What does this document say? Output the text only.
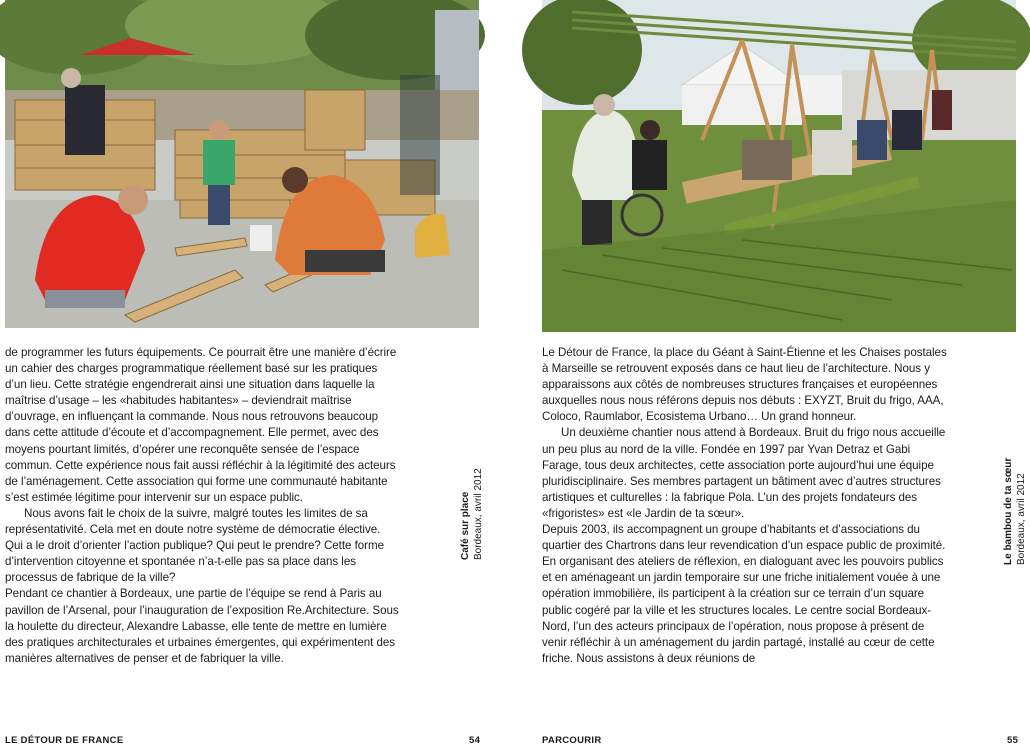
de programmer les futurs équipements. Ce pourrait être une manière d’écrire un cahier des charges programmatique réellement basé sur les pratiques d’un lieu. Cette stratégie engendrerait ainsi une situation dans laquelle la maîtrise d’usage – les «habitudes habitantes» – deviendrait maîtrise d’ouvrage, en influençant la commande. Nous nous retrouvons beaucoup dans cette attitude d’écoute et d’accompagnement. Elle permet, avec des moyens pourtant limités, d’opérer une reconquête sensée de l’espace commun. Cette expérience nous fait aussi réfléchir à la légitimité des acteurs de l’aménagement. Cette association qui forme une communauté habitante s’est estimée légitime pour intervenir sur un espace public.

Nous avons fait le choix de la suivre, malgré toutes les limites de sa représentativité. Cela met en doute notre système de démocratie élective. Qui a le droit d’orienter l’action publique? Qui peut le prendre? Cette forme d’intervention citoyenne et spontanée n’a-t-elle pas sa place dans les processus de fabrique de la ville?

Pendant ce chantier à Bordeaux, une partie de l’équipe se rend à Paris au pavillon de l’Arsenal, pour l’inauguration de l’exposition Re.Architecture. Sous la houlette du directeur, Alexandre Labasse, elle tente de mettre en lumière des pratiques architecturales et urbaines émergentes, qui expérimentent des manières alternatives de penser et de fabriquer la ville.

Café sur place Bordeaux, avril 2012
LE DÉTOUR DE FRANCE	54

Le Détour de France, la place du Géant à Saint-Étienne et les Chaises postales à Marseille se retrouvent exposés dans ce haut lieu de l’architecture. Nous y apparaissons aux côtés de nombreuses structures françaises et européennes auxquelles nous nous référons depuis nos débuts : EXYZT, Bruit du frigo, AAA, Coloco, Raumlabor, Ecosistema Urbano… Un grand honneur.

Un deuxième chantier nous attend à Bordeaux. Bruit du frigo nous accueille un peu plus au nord de la ville. Fondée en 1997 par Yvan Detraz et Gabi Farage, tous deux architectes, cette association porte aujourd’hui une équipe pluridisciplinaire. Ses membres partagent un bâtiment avec d’autres structures artistiques et culturelles : la fabrique Pola. L’un des projets fondateurs des «frigoristes» est «le Jardin de ta sœur».

Depuis 2003, ils accompagnent un groupe d’habitants et d’associations du quartier des Chartrons dans leur revendication d’un espace public de proximité. En organisant des ateliers de réflexion, en dialoguant avec les pouvoirs publics et en aménageant un jardin temporaire sur une friche initialement vouée à une opération immobilière, ils participent à la création sur ce terrain d’un square public cogéré par la ville et les structures locales. Le centre social Bordeaux-Nord, l’un des acteurs principaux de l’opération, nous propose à présent de venir réfléchir à un aménagement du jardin partagé, installé au cœur de cette friche. Nous assistons à deux réunions de

Le bambou de ta sœur Bordeaux, avril 2012
PARCOURIR	55
